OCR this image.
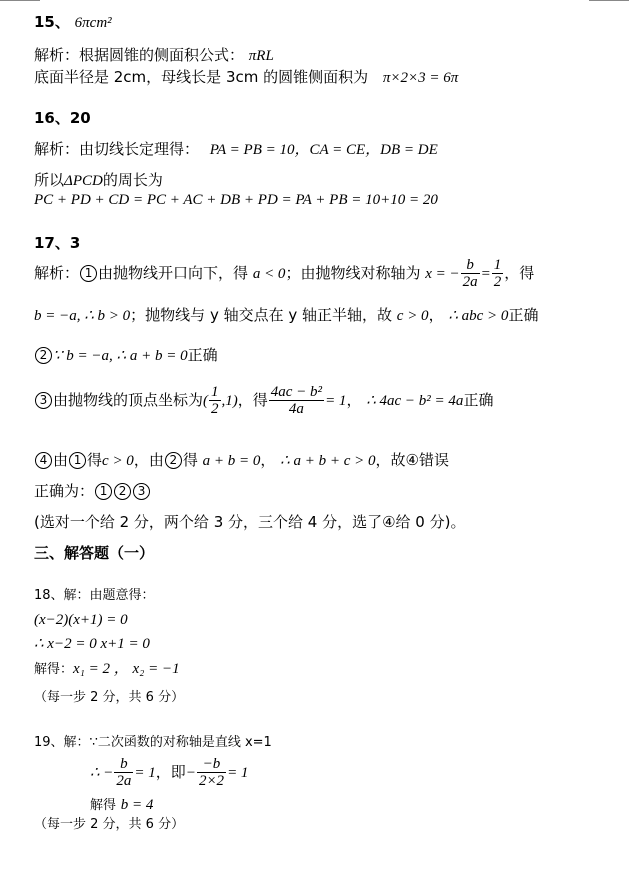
15、 6πcm²
解析：根据圆锥的侧面积公式： πRL
底面半径是 2cm，母线长是 3cm 的圆锥侧面积为 π×2×3 = 6π
16、20
解析：由切线长定理得： PA = PB = 10，CA = CE，DB = DE
所以ΔPCD的周长为
PC + PD + CD = PC + AC + DB + PD = PA + PB = 10+10 = 20
17、3
解析： 1 由抛物线开口向下，得 a < 0；由抛物线对称轴为 x = − $\frac{b}{2a} = \frac{1}{2}$ ，得
b = −a, ∴ b > 0；抛物线与 y 轴交点在 y 轴正半轴，故 c > 0， ∴ abc > 0正确
2 ∵ b = −a, ∴ a + b = 0正确
3 由抛物线的顶点坐标为( $\frac{1}{2} ,1$)，得 $\frac{\text{4ac − b²}}{4a} = 1$， ∴ 4ac − b² = 4a正确
4 由 1 得c > 0，由 2 得 a + b = 0， ∴ a + b + c > 0，故④错误
正确为： 1 2 3
(选对一个给 2 分，两个给 3 分，三个给 4 分，选了④给 0 分)。
三、解答题（一）
18、解：由题意得：
(x−2)(x+1) = 0
∴ x−2 = 0 x+1 = 0
解得：x₁ = 2 ， x₂ = −1
（每一步 2 分，共 6 分）
19、解：∵二次函数的对称轴是直线 x=1
∴ − $\frac{b}{2a} = 1$，即− $\frac{-b}{2\times 2} = 1$
解得 b = 4
（每一步 2 分，共 6 分）
